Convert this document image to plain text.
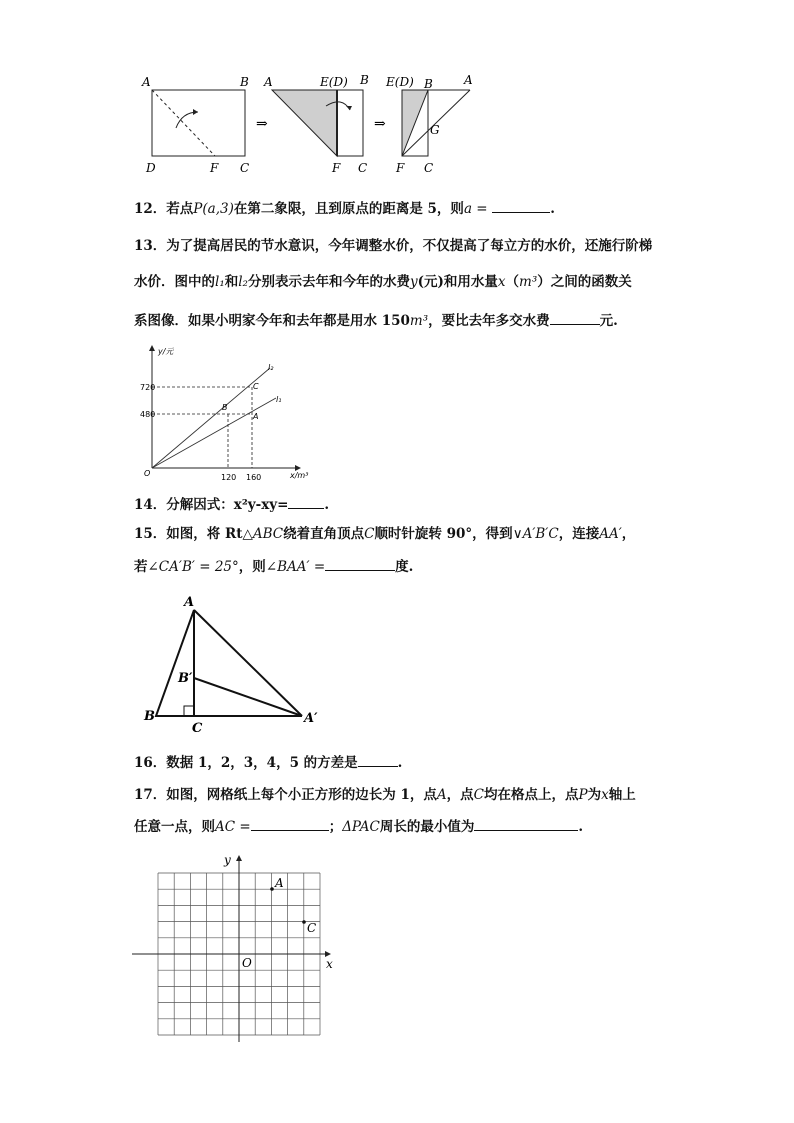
A	B
D	F C
⇒
A	E(D) B
F C
⇒
E(D) B	A
G
F C
12．若点P(a,3)在第二象限，且到原点的距离是 5，则a =	.
13．为了提高居民的节水意识，今年调整水价，不仅提高了每立方的水价，还施行阶梯
水价．图中的l₁和l₂分别表示去年和今年的水费y(元)和用水量x（m³）之间的函数关
系图像．如果小明家今年和去年都是用水 150m³，要比去年多交水费	元.
y/元
x/m³
O
720
480
120 160
l₂
l₁
C
B
A
14．分解因式：x²y-xy=	.
15．如图，将 Rt△ABC绕着直角顶点C顺时针旋转 90°，得到∨A′B′C，连接AA′，
若∠CA′B′ = 25°，则∠BAA′ =	度.
A
B′
B
C
A′
16．数据 1，2，3，4，5 的方差是	.
17．如图，网格纸上每个小正方形的边长为 1，点A，点C均在格点上，点P为x轴上
任意一点，则AC =	；ΔPAC周长的最小值为	.
y
x
O
A
C
